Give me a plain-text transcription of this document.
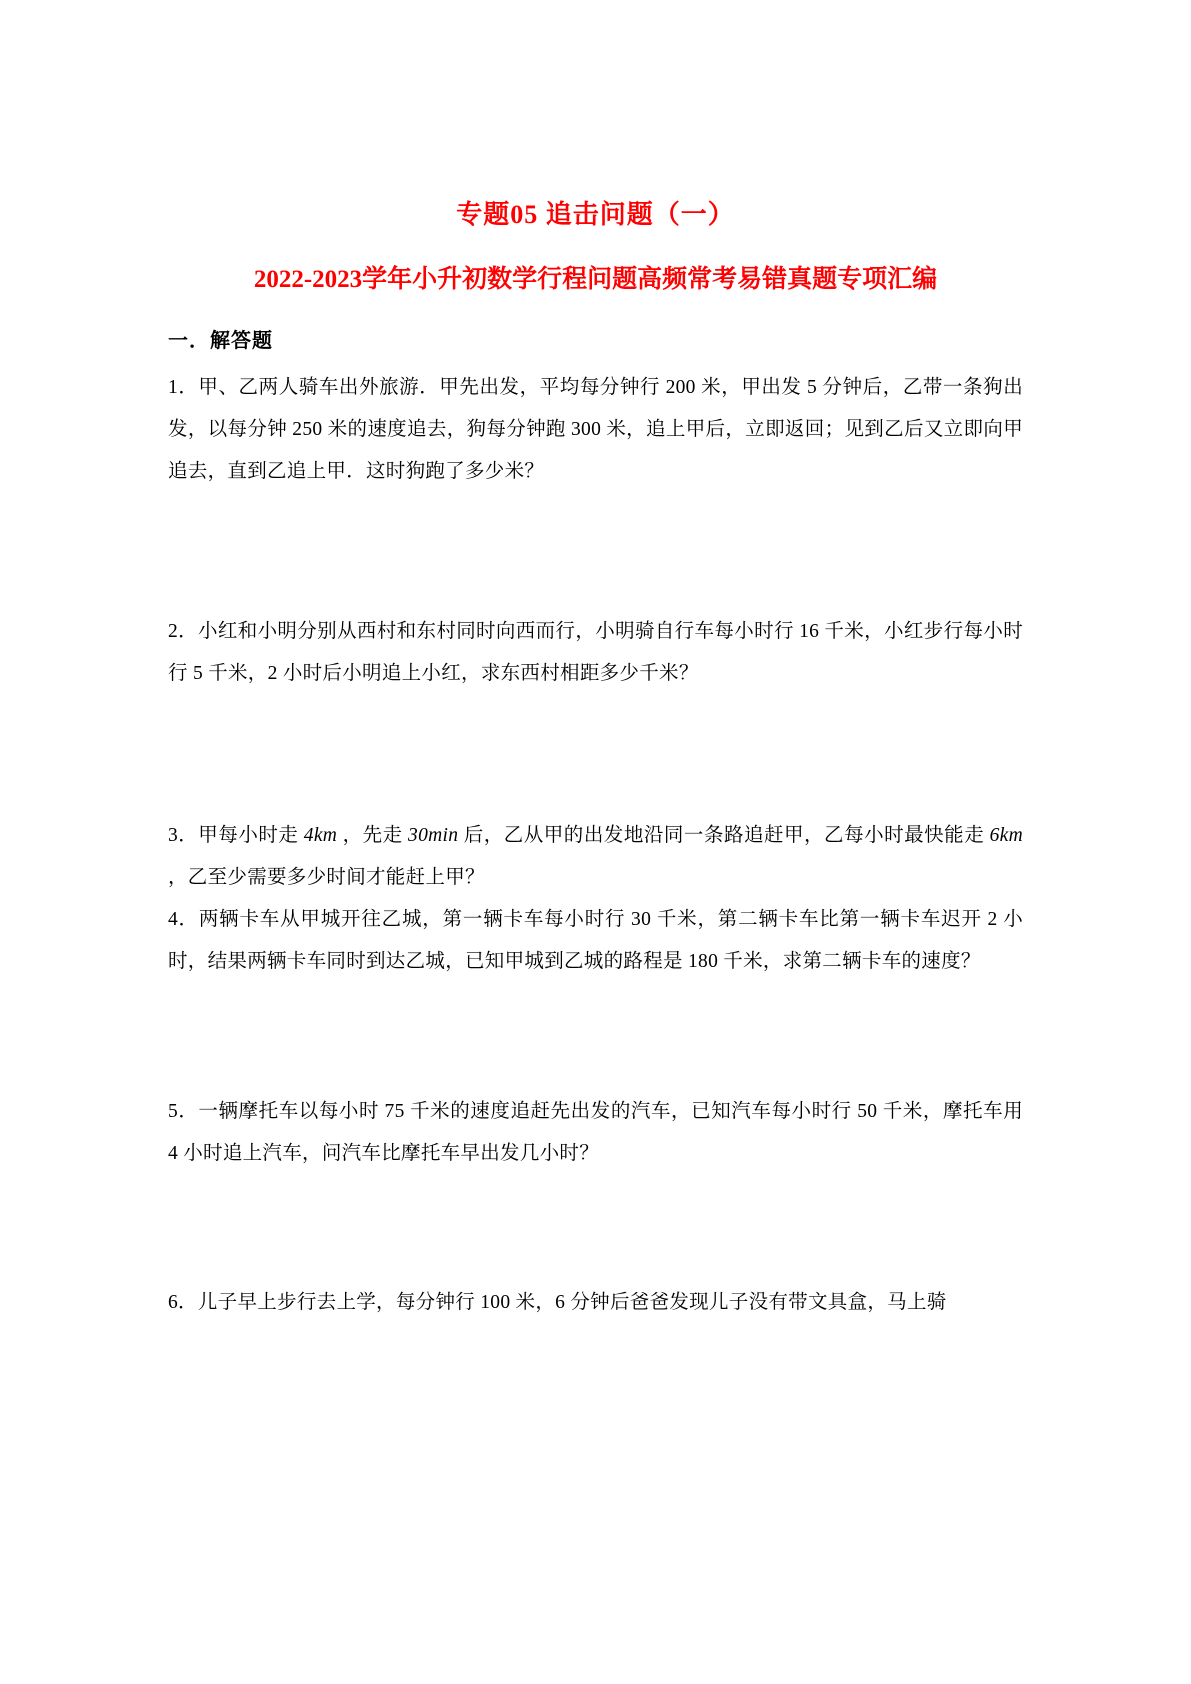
专题05 追击问题（一）
2022-2023学年小升初数学行程问题高频常考易错真题专项汇编
一．解答题

1．甲、乙两人骑车出外旅游．甲先出发，平均每分钟行 200 米，甲出发 5 分钟后，乙带一条狗出发，以每分钟 250 米的速度追去，狗每分钟跑 300 米，追上甲后，立即返回；见到乙后又立即向甲追去，直到乙追上甲．这时狗跑了多少米？

2．小红和小明分别从西村和东村同时向西而行，小明骑自行车每小时行 16 千米，小红步行每小时行 5 千米，2 小时后小明追上小红，求东西村相距多少千米？

3．甲每小时走 4km ，先走 30min 后，乙从甲的出发地沿同一条路追赶甲，乙每小时最快能走 6km ，乙至少需要多少时间才能赶上甲？

4．两辆卡车从甲城开往乙城，第一辆卡车每小时行 30 千米，第二辆卡车比第一辆卡车迟开 2 小时，结果两辆卡车同时到达乙城，已知甲城到乙城的路程是 180 千米，求第二辆卡车的速度？

5．一辆摩托车以每小时 75 千米的速度追赶先出发的汽车，已知汽车每小时行 50 千米，摩托车用 4 小时追上汽车，问汽车比摩托车早出发几小时？

6．儿子早上步行去上学，每分钟行 100 米，6 分钟后爸爸发现儿子没有带文具盒，马上骑
